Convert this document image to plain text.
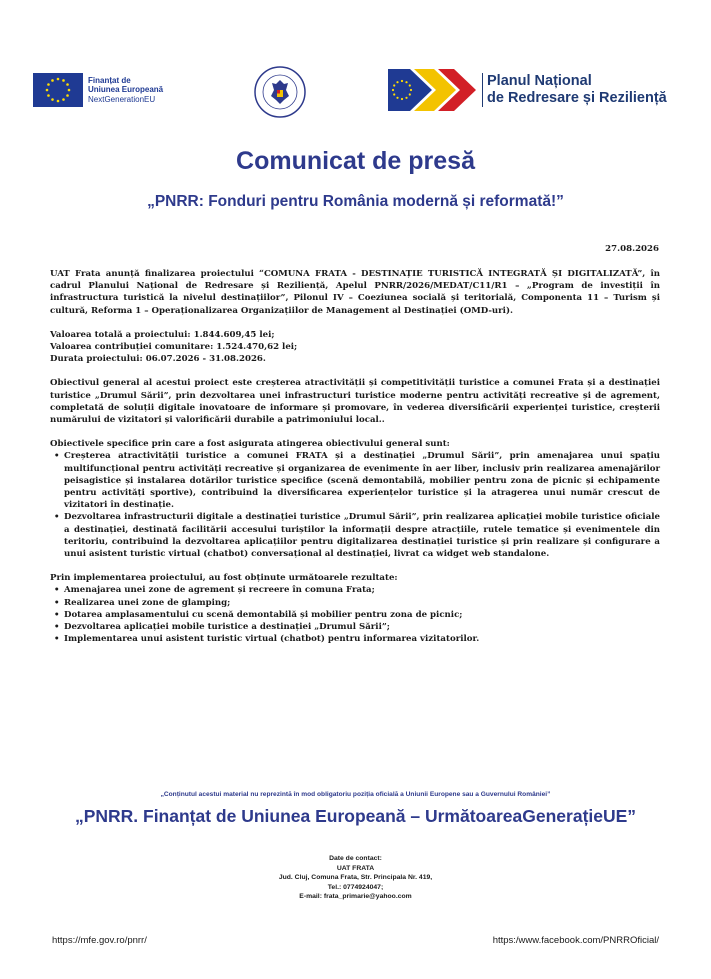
Finanțat de
Uniunea Europeană
NextGenerationEU
Planul Național
de Redresare și Reziliență
Comunicat de presă
„PNRR: Fonduri pentru România modernă și reformată!”
27.08.2026

UAT Frata anunță finalizarea proiectului “COMUNA FRATA - DESTINAȚIE TURISTICĂ INTEGRATĂ ȘI DIGITALIZATĂ”, în cadrul Planului Național de Redresare și Reziliență, Apelul PNRR/2026/MEDAT/C11/R1 – „Program de investiții în infrastructura turistică la nivelul destinațiilor”, Pilonul IV – Coeziunea socială și teritorială, Componenta 11 – Turism și cultură, Reforma 1 – Operaționalizarea Organizațiilor de Management al Destinației (OMD-uri).

Valoarea totală a proiectului: 1.844.609,45 lei;

Valoarea contribuției comunitare: 1.524.470,62 lei;

Durata proiectului: 06.07.2026 - 31.08.2026.

Obiectivul general al acestui proiect este creșterea atractivității și competitivității turistice a comunei Frata și a destinației turistice „Drumul Sării”, prin dezvoltarea unei infrastructuri turistice moderne pentru activități recreative și de agrement, completată de soluții digitale inovatoare de informare și promovare, în vederea diversificării experienței turistice, creșterii numărului de vizitatori și valorificării durabile a patrimoniului local..

Obiectivele specifice prin care a fost asigurata atingerea obiectivului general sunt:

• Creșterea atractivității turistice a comunei FRATA și a destinației „Drumul Sării”, prin amenajarea unui spațiu multifuncțional pentru activități recreative și organizarea de evenimente în aer liber, inclusiv prin realizarea amenajărilor peisagistice și instalarea dotărilor turistice specifice (scenă demontabilă, mobilier pentru zona de picnic și echipamente pentru activități sportive), contribuind la diversificarea experiențelor turistice și la atragerea unui număr crescut de vizitatori în destinație.
• Dezvoltarea infrastructurii digitale a destinației turistice „Drumul Sării”, prin realizarea aplicației mobile turistice oficiale a destinației, destinată facilitării accesului turiștilor la informații despre atracțiile, rutele tematice și evenimentele din teritoriu, contribuind la dezvoltarea aplicațiilor pentru digitalizarea destinației turistice și prin realizare și configurare a unui asistent turistic virtual (chatbot) conversațional al destinației, livrat ca widget web standalone.

Prin implementarea proiectului, au fost obținute următoarele rezultate:

• Amenajarea unei zone de agrement și recreere în comuna Frata;
• Realizarea unei zone de glamping;
• Dotarea amplasamentului cu scenă demontabilă și mobilier pentru zona de picnic;
• Dezvoltarea aplicației mobile turistice a destinației „Drumul Sării”;
• Implementarea unui asistent turistic virtual (chatbot) pentru informarea vizitatorilor.
„Conținutul acestui material nu reprezintă în mod obligatoriu poziția oficială a Uniunii Europene sau a Guvernului României”
„PNRR. Finanțat de Uniunea Europeană – UrmătoareaGenerațieUE”
Date de contact:
UAT FRATA
Jud. Cluj, Comuna Frata, Str. Principala Nr. 419,
Tel.: 0774924047;
E-mail: frata_primarie@yahoo.com
https://mfe.gov.ro/pnrr/	https:/www.facebook.com/PNRROficial/
